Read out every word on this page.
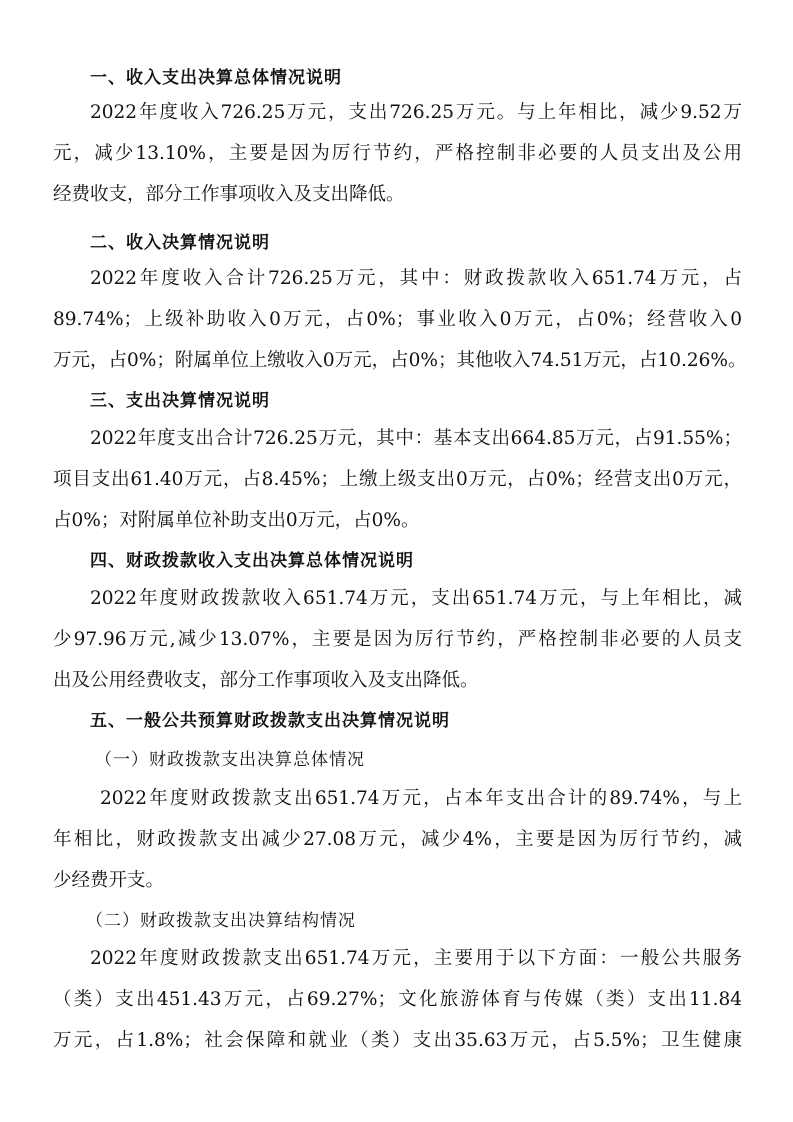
一、收入支出决算总体情况说明
2022年度收入726.25万元，支出726.25万元。与上年相比，减少9.52万
元，减少13.10%，主要是因为厉行节约，严格控制非必要的人员支出及公用
经费收支，部分工作事项收入及支出降低。
二、收入决算情况说明
2022年度收入合计726.25万元，其中：财政拨款收入651.74万元，占
89.74%；上级补助收入0万元，占0%；事业收入0万元，占0%；经营收入0
万元，占0%；附属单位上缴收入0万元，占0%；其他收入74.51万元，占10.26%。
三、支出决算情况说明
2022年度支出合计726.25万元，其中：基本支出664.85万元，占91.55%；
项目支出61.40万元，占8.45%；上缴上级支出0万元，占0%；经营支出0万元，
占0%；对附属单位补助支出0万元，占0%。
四、财政拨款收入支出决算总体情况说明
2022年度财政拨款收入651.74万元，支出651.74万元，与上年相比，减
少97.96万元,减少13.07%，主要是因为厉行节约，严格控制非必要的人员支
出及公用经费收支，部分工作事项收入及支出降低。
五、一般公共预算财政拨款支出决算情况说明
（一）财政拨款支出决算总体情况
2022年度财政拨款支出651.74万元，占本年支出合计的89.74%，与上
年相比，财政拨款支出减少27.08万元，减少4%，主要是因为厉行节约，减
少经费开支。
（二）财政拨款支出决算结构情况
2022年度财政拨款支出651.74万元，主要用于以下方面：一般公共服务
（类）支出451.43万元，占69.27%；文化旅游体育与传媒（类）支出11.84
万元，占1.8%；社会保障和就业（类）支出35.63万元，占5.5%；卫生健康
